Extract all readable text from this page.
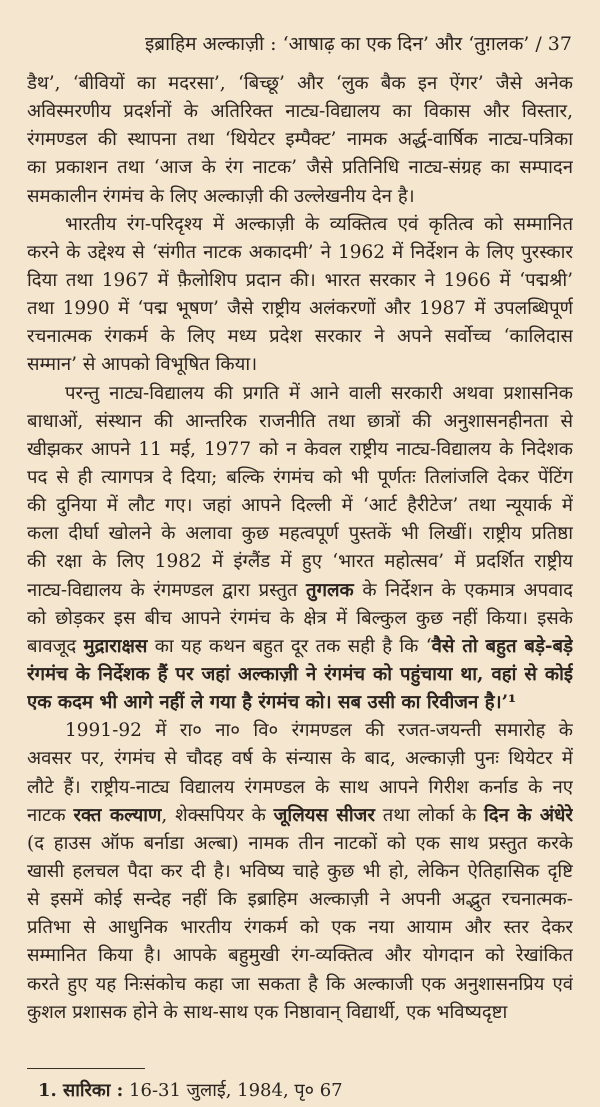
इब्राहिम अल्काज़ी : ‘आषाढ़ का एक दिन’ और ‘तुग़लक’ / 37
डैथ’, ‘बीवियों का मदरसा’, ‘बिच्छू’ और ‘लुक बैक इन ऐंगर’ जैसे अनेक
अविस्मरणीय प्रदर्शनों के अतिरिक्त नाट्य-विद्यालय का विकास और विस्तार,
रंगमण्डल की स्थापना तथा ‘थियेटर इम्पैक्ट’ नामक अर्द्ध-वार्षिक नाट्य-पत्रिका
का प्रकाशन तथा ‘आज के रंग नाटक’ जैसे प्रतिनिधि नाट्य-संग्रह का सम्पादन
समकालीन रंगमंच के लिए अल्काज़ी की उल्लेखनीय देन है।
भारतीय रंग-परिदृश्य में अल्काज़ी के व्यक्तित्व एवं कृतित्व को सम्मानित
करने के उद्देश्य से ‘संगीत नाटक अकादमी’ ने 1962 में निर्देशन के लिए पुरस्कार
दिया तथा 1967 में फ़ैलोशिप प्रदान की। भारत सरकार ने 1966 में ‘पद्मश्री’
तथा 1990 में ‘पद्म भूषण’ जैसे राष्ट्रीय अलंकरणों और 1987 में उपलब्धिपूर्ण
रचनात्मक रंगकर्म के लिए मध्य प्रदेश सरकार ने अपने सर्वोच्च ‘कालिदास
सम्मान’ से आपको विभूषित किया।
परन्तु नाट्य-विद्यालय की प्रगति में आने वाली सरकारी अथवा प्रशासनिक
बाधाओं, संस्थान की आन्तरिक राजनीति तथा छात्रों की अनुशासनहीनता से
खीझकर आपने 11 मई, 1977 को न केवल राष्ट्रीय नाट्य-विद्यालय के निदेशक
पद से ही त्यागपत्र दे दिया; बल्कि रंगमंच को भी पूर्णतः तिलांजलि देकर पेंटिंग
की दुनिया में लौट गए। जहां आपने दिल्ली में ‘आर्ट हैरीटेज’ तथा न्यूयार्क में
कला दीर्घा खोलने के अलावा कुछ महत्वपूर्ण पुस्तकें भी लिखीं। राष्ट्रीय प्रतिष्ठा
की रक्षा के लिए 1982 में इंग्लैंड में हुए ‘भारत महोत्सव’ में प्रदर्शित राष्ट्रीय
नाट्य-विद्यालय के रंगमण्डल द्वारा प्रस्तुत तुगलक के निर्देशन के एकमात्र अपवाद
को छोड़कर इस बीच आपने रंगमंच के क्षेत्र में बिल्कुल कुछ नहीं किया। इसके
बावजूद मुद्राराक्षस का यह कथन बहुत दूर तक सही है कि ‘वैसे तो बहुत बड़े-बड़े
रंगमंच के निर्देशक हैं पर जहां अल्काज़ी ने रंगमंच को पहुंचाया था, वहां से कोई
एक कदम भी आगे नहीं ले गया है रंगमंच को। सब उसी का रिवीजन है।’¹
1991-92 में रा० ना० वि० रंगमण्डल की रजत-जयन्ती समारोह के
अवसर पर, रंगमंच से चौदह वर्ष के संन्यास के बाद, अल्काज़ी पुनः थियेटर में
लौटे हैं। राष्ट्रीय-नाट्य विद्यालय रंगमण्डल के साथ आपने गिरीश कर्नाड के नए
नाटक रक्त कल्याण, शेक्सपियर के जूलियस सीजर तथा लोर्का के दिन के अंधेरे
(द हाउस ऑफ बर्नाडा अल्बा) नामक तीन नाटकों को एक साथ प्रस्तुत करके
खासी हलचल पैदा कर दी है। भविष्य चाहे कुछ भी हो, लेकिन ऐतिहासिक दृष्टि
से इसमें कोई सन्देह नहीं कि इब्राहिम अल्काज़ी ने अपनी अद्भुत रचनात्मक-
प्रतिभा से आधुनिक भारतीय रंगकर्म को एक नया आयाम और स्तर देकर
सम्मानित किया है। आपके बहुमुखी रंग-व्यक्तित्व और योगदान को रेखांकित
करते हुए यह निःसंकोच कहा जा सकता है कि अल्काजी एक अनुशासनप्रिय एवं
कुशल प्रशासक होने के साथ-साथ एक निष्ठावान् विद्यार्थी, एक भविष्यदृष्टा
1. सारिका : 16-31 जुलाई, 1984, पृ० 67
